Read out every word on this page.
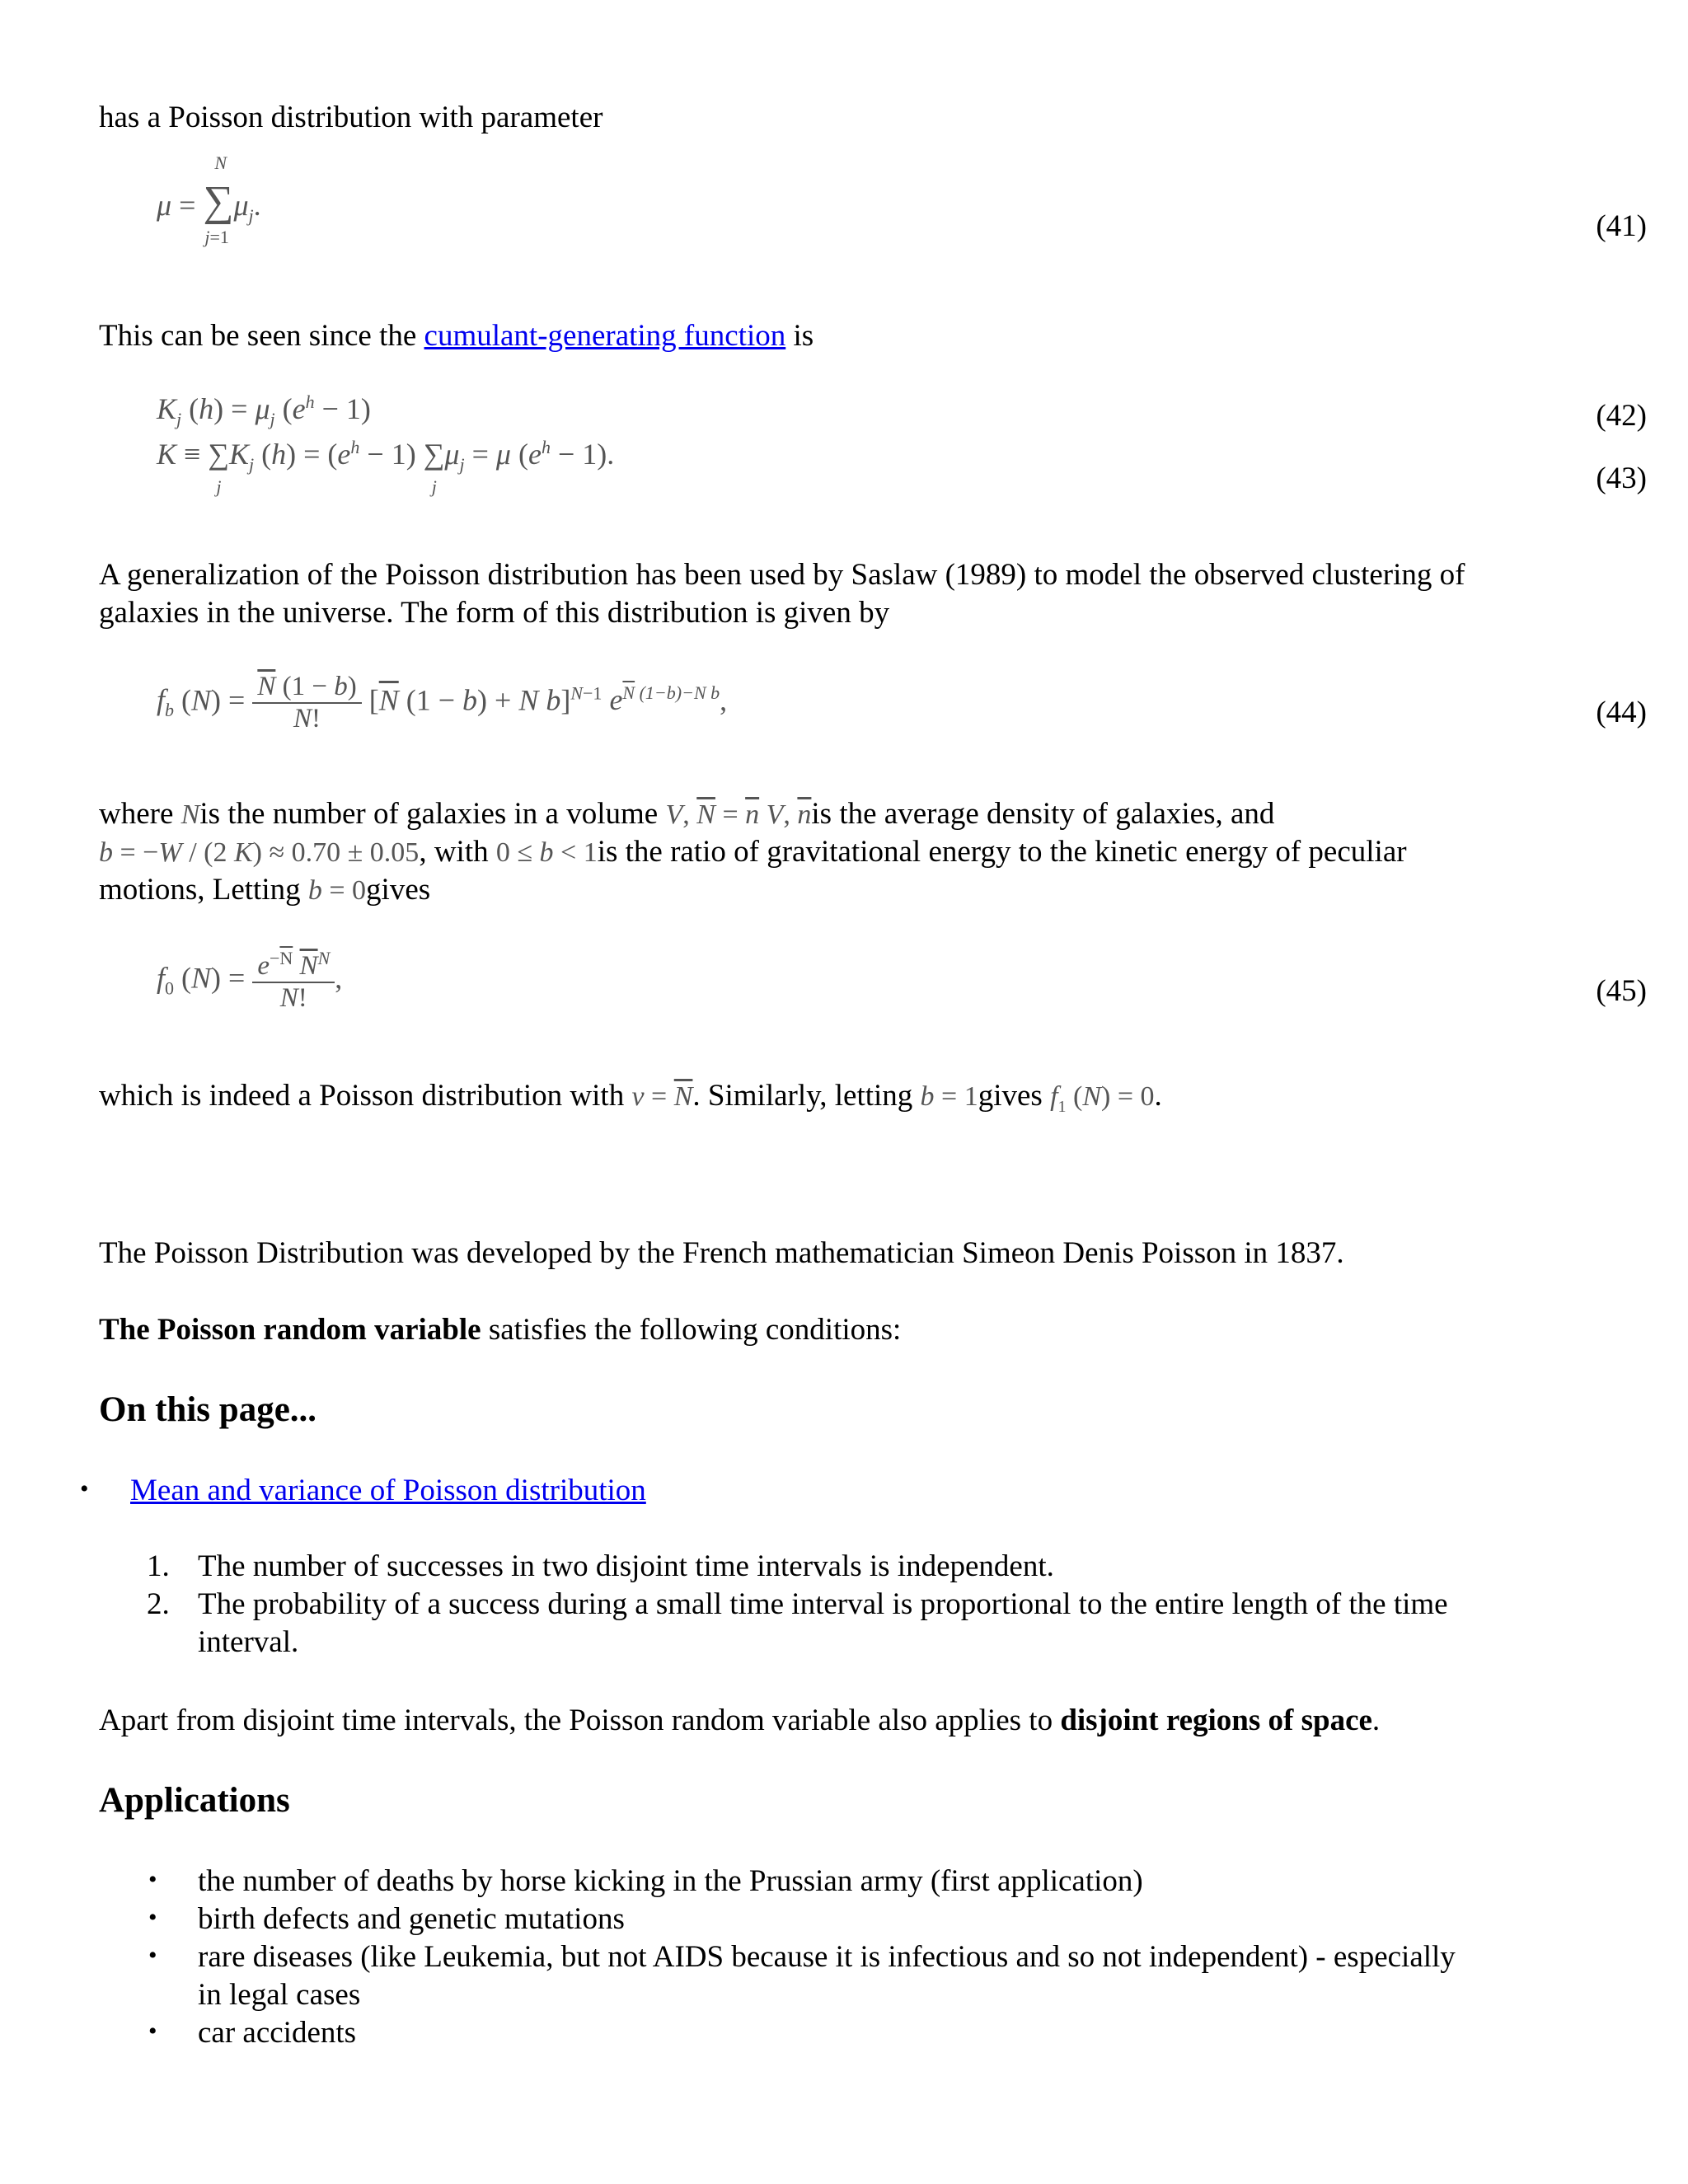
has a Poisson distribution with parameter
μ = ∑
N
j=1
$\mu_j$.
(41)
This can be seen since the cumulant-generating function is
$K_j$ $(h) = \mu_j$ $(e^h - 1)$
K ≡ ∑
j
$K_j$ $(h) = (e^h - 1)$ ∑
j
$\mu_j = \mu$ $(e^h - 1)$.
(42)
(43)
A generalization of the Poisson distribution has been used by Saslaw (1989) to model the observed clustering of
galaxies in the universe. The form of this distribution is given by
$f_b$ $(N) = \frac{\overline{N} (1 - b)}{N!} [\overline{N}$ (1 − b) + N b]$^{N-1}$ $e^{\overline{N} (1-b)-N b}$,	(44)
where Nis the number of galaxies in a volume V, $\overline{N} = \overline{n}$ V, $\overline{n}is$ the average density of galaxies, and
b = −W / (2 K) ≈ 0.70 ± 0.05, with 0 ≤ b < 1is the ratio of gravitational energy to the kinetic energy of peculiar
motions, Letting b = 0gives
$f_0$ $(N) = \frac{e^{-\overline{N}} \overline{N}^N}{N!}$ ,	(45)
which is indeed a Poisson distribution with $\nu = \overline{N}$. Similarly, letting b = 1gives $f_1$ (N) = 0.
The Poisson Distribution was developed by the French mathematician Simeon Denis Poisson in 1837.
The Poisson random variable satisfies the following conditions:
On this page...
• Mean and variance of Poisson distribution
1. The number of successes in two disjoint time intervals is independent.
2. The probability of a success during a small time interval is proportional to the entire length of the time
interval.
Apart from disjoint time intervals, the Poisson random variable also applies to disjoint regions of space.
Applications
• the number of deaths by horse kicking in the Prussian army (first application)
• birth defects and genetic mutations
• rare diseases (like Leukemia, but not AIDS because it is infectious and so not independent) - especially
in legal cases
• car accidents
